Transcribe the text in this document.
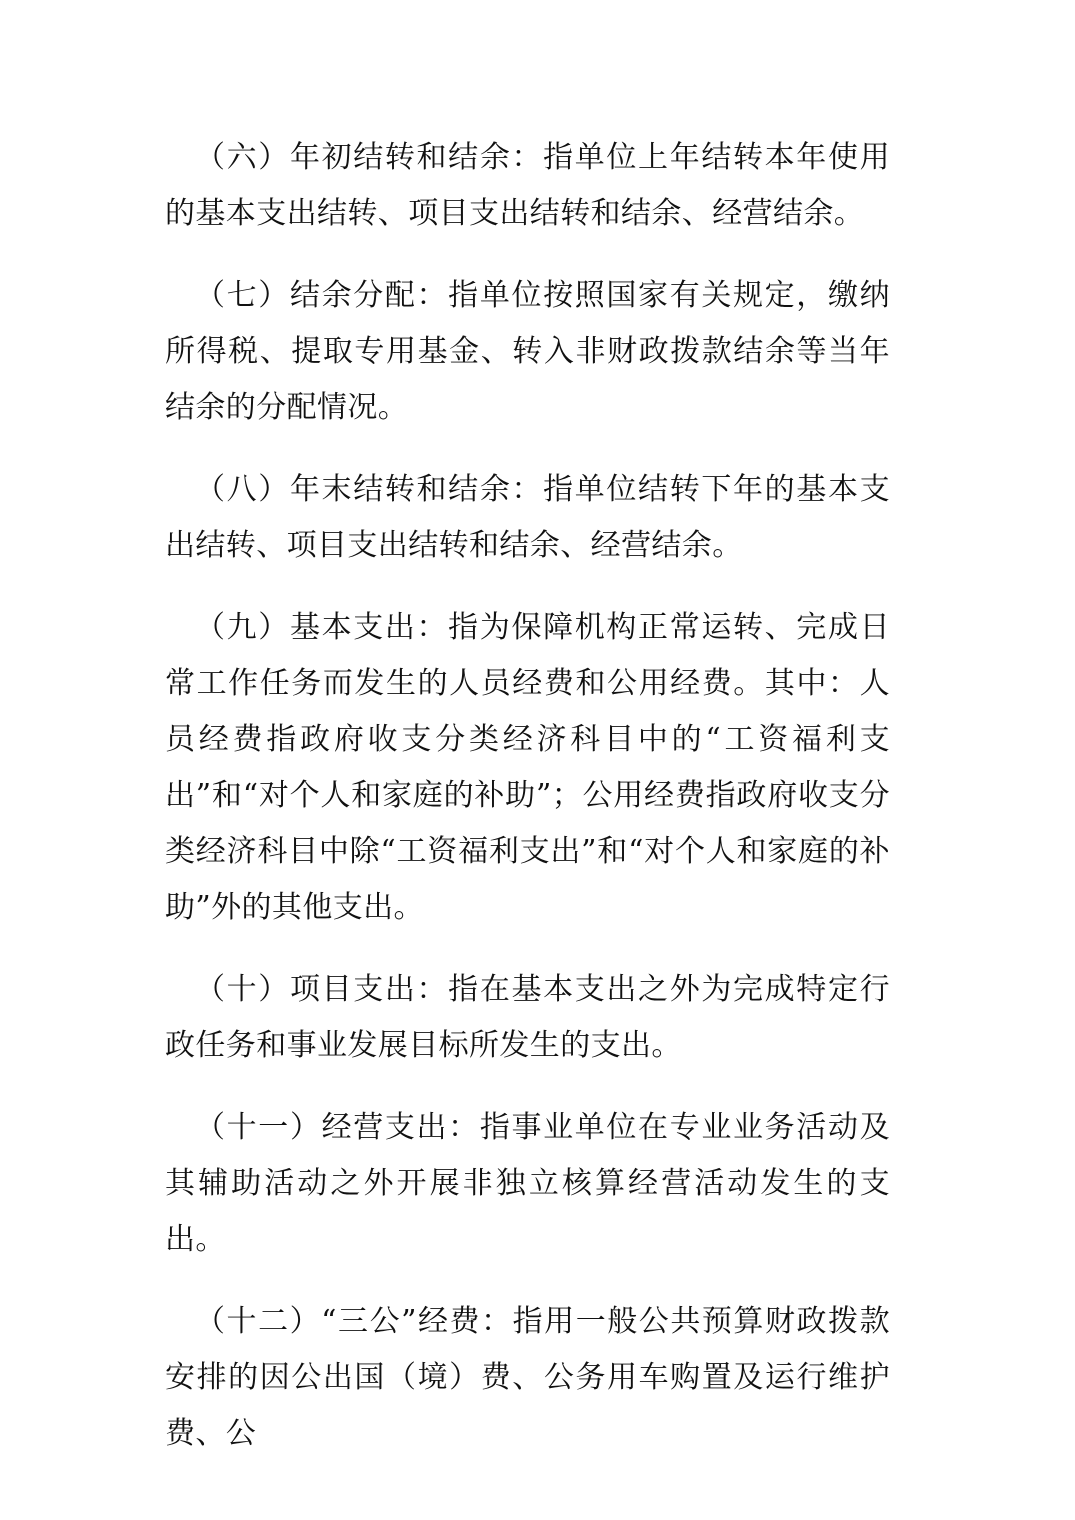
（六）年初结转和结余：指单位上年结转本年使用的基本支出结转、项目支出结转和结余、经营结余。

（七）结余分配：指单位按照国家有关规定，缴纳所得税、提取专用基金、转入非财政拨款结余等当年结余的分配情况。

（八）年末结转和结余：指单位结转下年的基本支出结转、项目支出结转和结余、经营结余。

（九）基本支出：指为保障机构正常运转、完成日常工作任务而发生的人员经费和公用经费。其中：人员经费指政府收支分类经济科目中的“工资福利支出”和“对个人和家庭的补助”；公用经费指政府收支分类经济科目中除“工资福利支出”和“对个人和家庭的补助”外的其他支出。

（十）项目支出：指在基本支出之外为完成特定行政任务和事业发展目标所发生的支出。

（十一）经营支出：指事业单位在专业业务活动及其辅助活动之外开展非独立核算经营活动发生的支出。

（十二）“三公”经费：指用一般公共预算财政拨款安排的因公出国（境）费、公务用车购置及运行维护费、公
